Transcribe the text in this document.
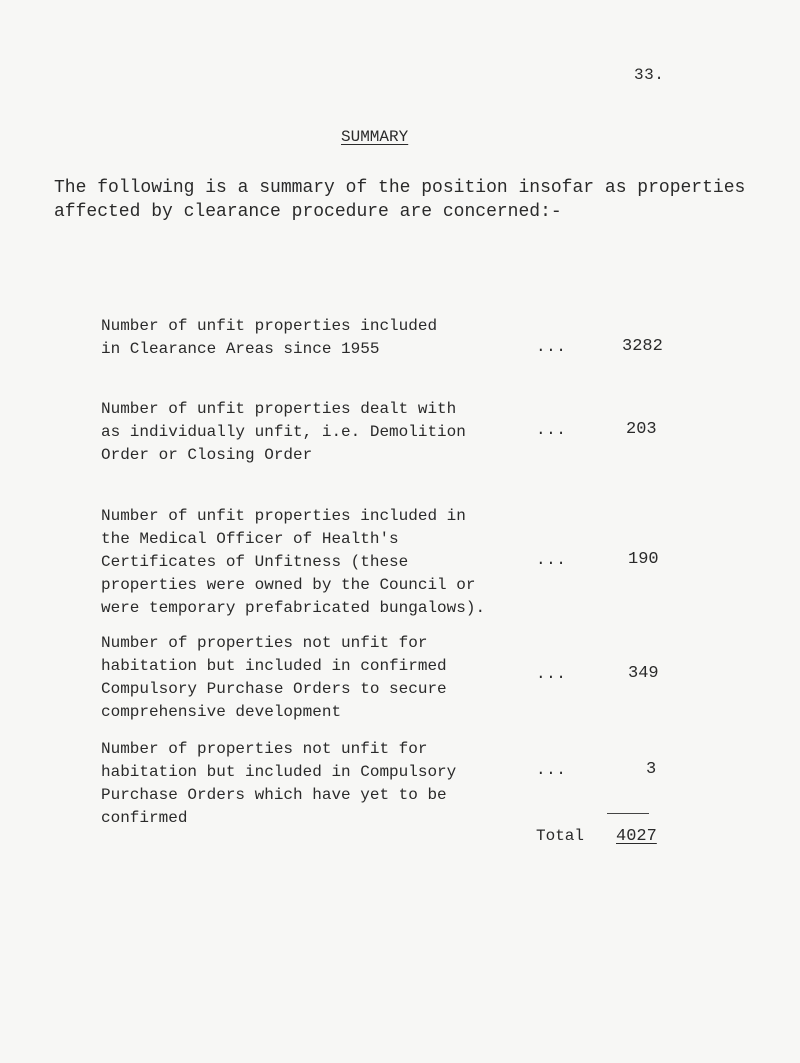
33.
SUMMARY
The following is a summary of the position insofar as properties
affected by clearance procedure are concerned:-
Number of unfit properties included
in Clearance Areas since 1955	...	3282
Number of unfit properties dealt with
as individually unfit, i.e. Demolition
Order or Closing Order
...	203
Number of unfit properties included in
the Medical Officer of Health's
Certificates of Unfitness (these
properties were owned by the Council or
were temporary prefabricated bungalows).
...	190
Number of properties not unfit for
habitation but included in confirmed
Compulsory Purchase Orders to secure
comprehensive development
...	349
Number of properties not unfit for
habitation but included in Compulsory
Purchase Orders which have yet to be
confirmed
...	3
Total 4027
